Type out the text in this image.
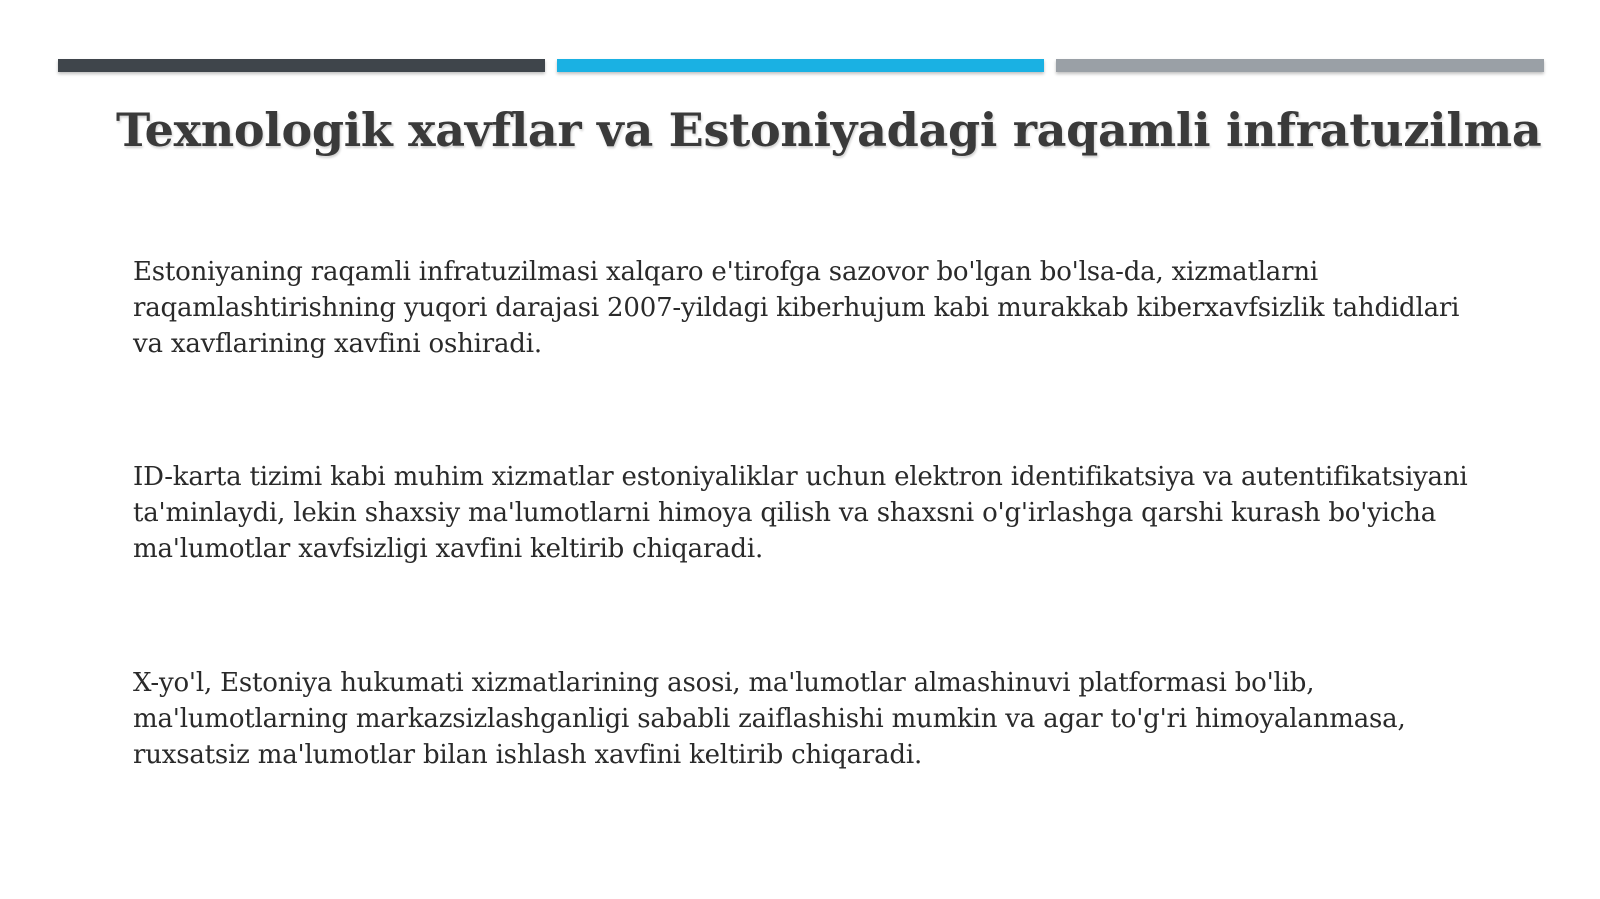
Texnologik xavflar va Estoniyadagi raqamli infratuzilma

Estoniyaning raqamli infratuzilmasi xalqaro e'tirofga sazovor bo'lgan bo'lsa-da, xizmatlarni raqamlashtirishning yuqori darajasi 2007-yildagi kiberhujum kabi murakkab kiberxavfsizlik tahdidlari va xavflarining xavfini oshiradi.

ID-karta tizimi kabi muhim xizmatlar estoniyaliklar uchun elektron identifikatsiya va autentifikatsiyani ta'minlaydi, lekin shaxsiy ma'lumotlarni himoya qilish va shaxsni o'g'irlashga qarshi kurash bo'yicha ma'lumotlar xavfsizligi xavfini keltirib chiqaradi.

X-yo'l, Estoniya hukumati xizmatlarining asosi, ma'lumotlar almashinuvi platformasi bo'lib, ma'lumotlarning markazsizlashganligi sababli zaiflashishi mumkin va agar to'g'ri himoyalanmasa, ruxsatsiz ma'lumotlar bilan ishlash xavfini keltirib chiqaradi.
